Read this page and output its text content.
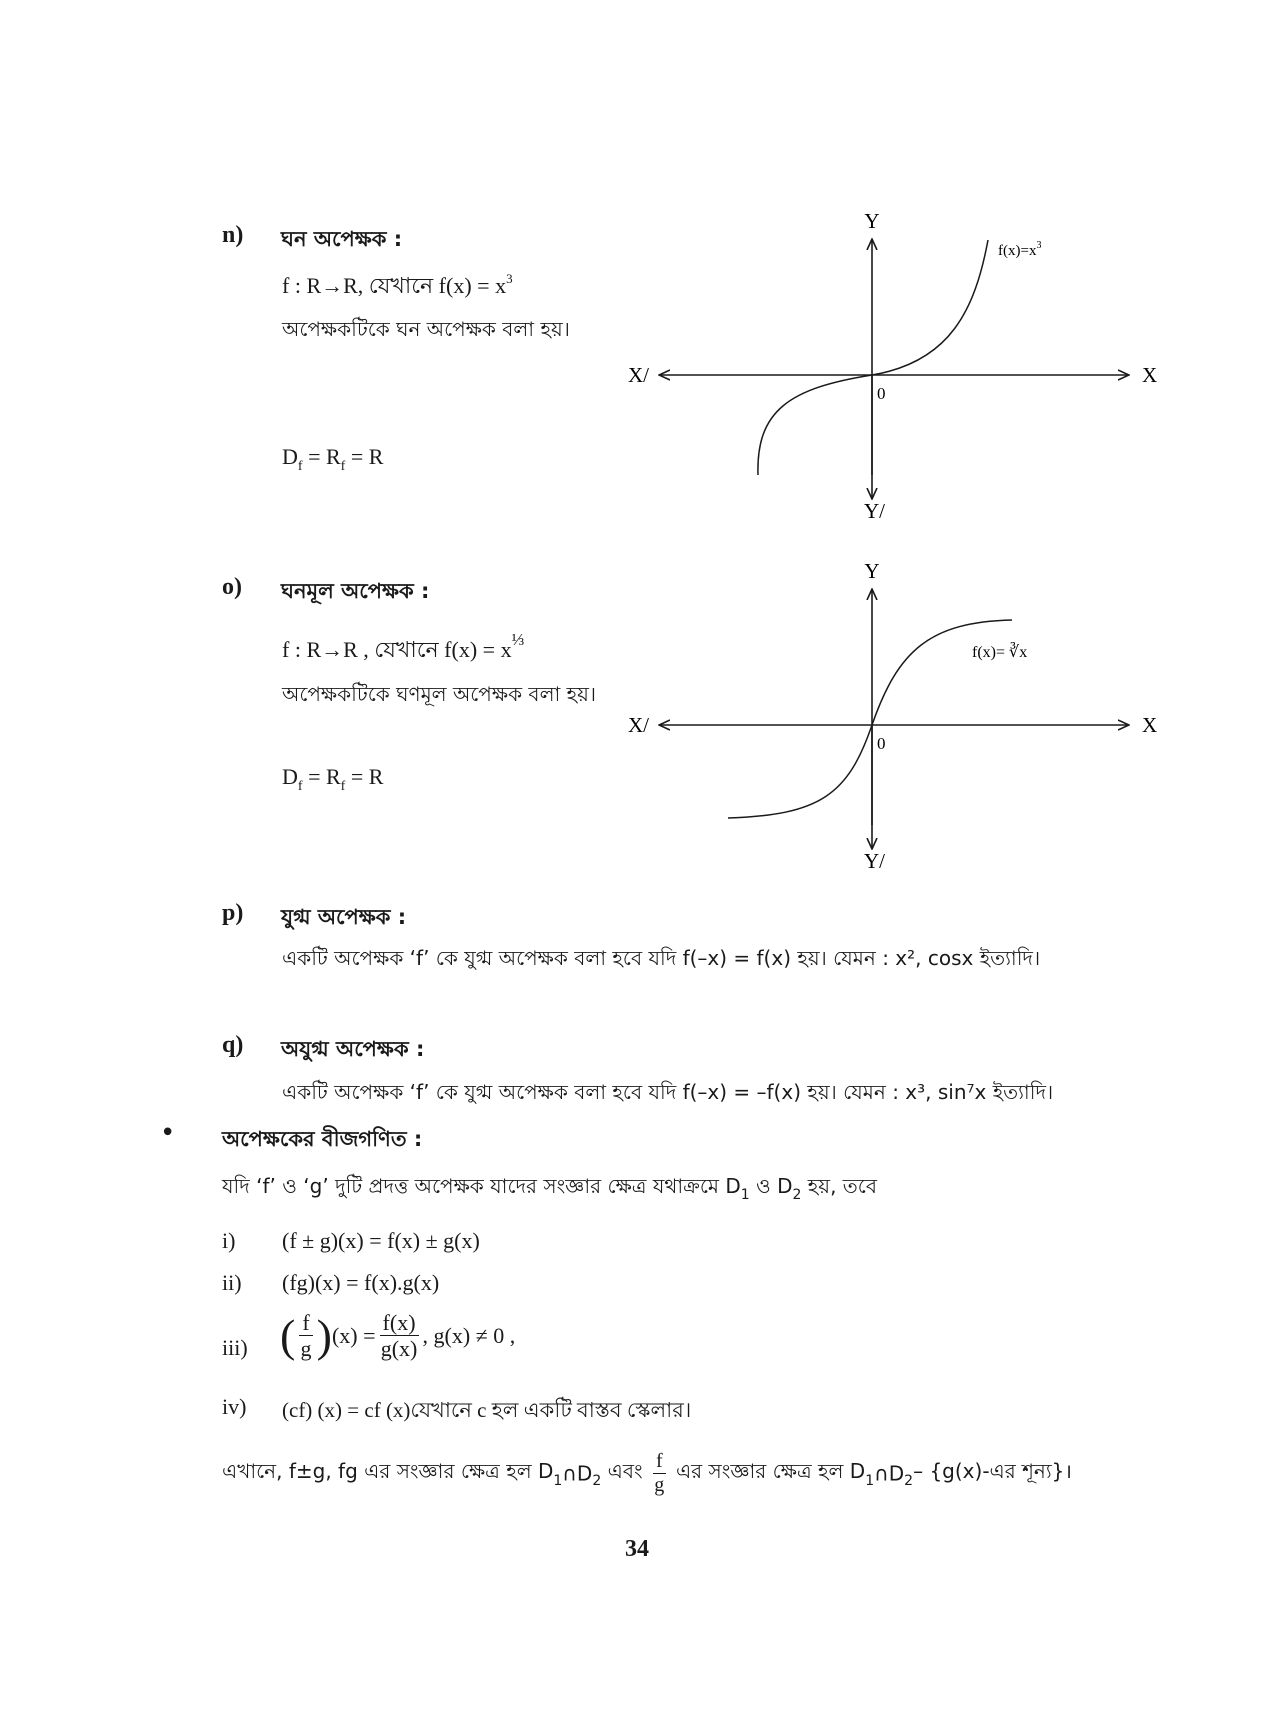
n) ঘন অপেক্ষক :
f : R→R, যেখানে $f(x) = x^3$
অপেক্ষকটিকে ঘন অপেক্ষক বলা হয়।
$D_f = R_f = R$
Y
Y/
X/	X
0
$f(x)=x^3$
o) ঘনমূল অপেক্ষক :
f : R→R , যেখানে $f(x) = x^{\frac{1}{3}}$
অপেক্ষকটিকে ঘণমূল অপেক্ষক বলা হয়।
$D_f = R_f = R$
Y
Y/
X/	X
0
f(x)= ∛x
p) যুগ্ম অপেক্ষক :
একটি অপেক্ষক ‘f’ কে যুগ্ম অপেক্ষক বলা হবে যদি f(–x) = f(x) হয়। যেমন : x², cosx ইত্যাদি।
q) অযুগ্ম অপেক্ষক :
একটি অপেক্ষক ‘f’ কে যুগ্ম অপেক্ষক বলা হবে যদি f(–x) = –f(x) হয়। যেমন : x³, sin⁷x ইত্যাদি।
• অপেক্ষকের বীজগণিত :
যদি ‘f’ ও ‘g’ দুটি প্রদত্ত অপেক্ষক যাদের সংজ্ঞার ক্ষেত্র যথাক্রমে $D_1$ ও $D_2$ হয়, তবে
i) (f ± g)(x) = f(x) ± g(x)
ii) (fg)(x) = f(x).g(x)
iii) ( $\frac{f}{g} )(x) = \frac{f(x)}{g(x)}$ , g(x) ≠ 0 ,
iv) (cf) (x) = cf (x)যেখানে c হল একটি বাস্তব স্কেলার।
এখানে, f±g, fg এর সংজ্ঞার ক্ষেত্র হল $D_1\cap D_2$ এবং $\frac{f}{g}$ এর সংজ্ঞার ক্ষেত্র হল $D_1\cap D_2-$ {g(x)-এর শূন্য}।
34
